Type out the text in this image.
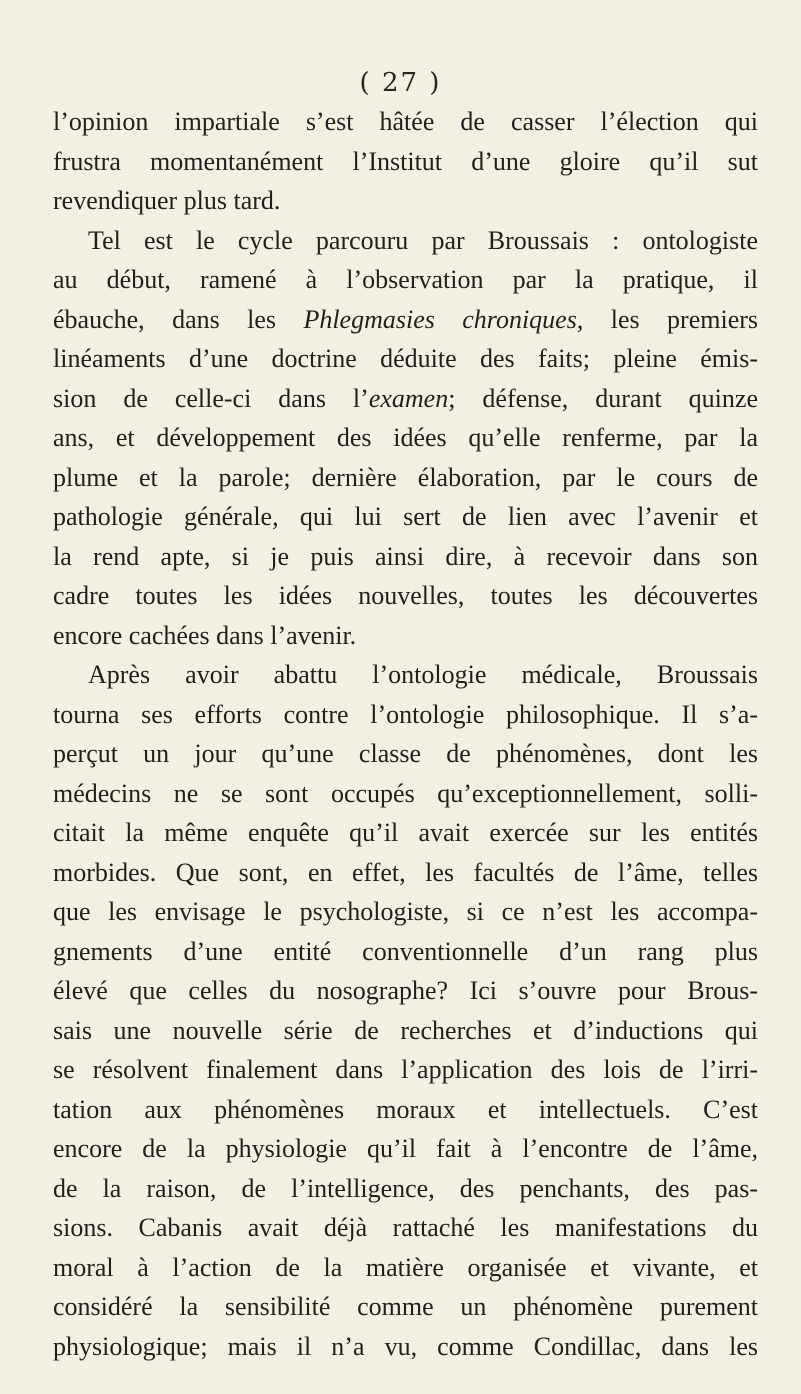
( 27 )
l’opinion impartiale s’est hâtée de casser l’élection qui
frustra momentanément l’Institut d’une gloire qu’il sut
revendiquer plus tard.
Tel est le cycle parcouru par Broussais : ontologiste
au début, ramené à l’observation par la pratique, il
ébauche, dans les Phlegmasies chroniques, les premiers
linéaments d’une doctrine déduite des faits; pleine émis-
sion de celle-ci dans l’examen; défense, durant quinze
ans, et développement des idées qu’elle renferme, par la
plume et la parole; dernière élaboration, par le cours de
pathologie générale, qui lui sert de lien avec l’avenir et
la rend apte, si je puis ainsi dire, à recevoir dans son
cadre toutes les idées nouvelles, toutes les découvertes
encore cachées dans l’avenir.
Après avoir abattu l’ontologie médicale, Broussais
tourna ses efforts contre l’ontologie philosophique. Il s’a-
perçut un jour qu’une classe de phénomènes, dont les
médecins ne se sont occupés qu’exceptionnellement, solli-
citait la même enquête qu’il avait exercée sur les entités
morbides. Que sont, en effet, les facultés de l’âme, telles
que les envisage le psychologiste, si ce n’est les accompa-
gnements d’une entité conventionnelle d’un rang plus
élevé que celles du nosographe? Ici s’ouvre pour Brous-
sais une nouvelle série de recherches et d’inductions qui
se résolvent finalement dans l’application des lois de l’irri-
tation aux phénomènes moraux et intellectuels. C’est
encore de la physiologie qu’il fait à l’encontre de l’âme,
de la raison, de l’intelligence, des penchants, des pas-
sions. Cabanis avait déjà rattaché les manifestations du
moral à l’action de la matière organisée et vivante, et
considéré la sensibilité comme un phénomène purement
physiologique; mais il n’a vu, comme Condillac, dans les
